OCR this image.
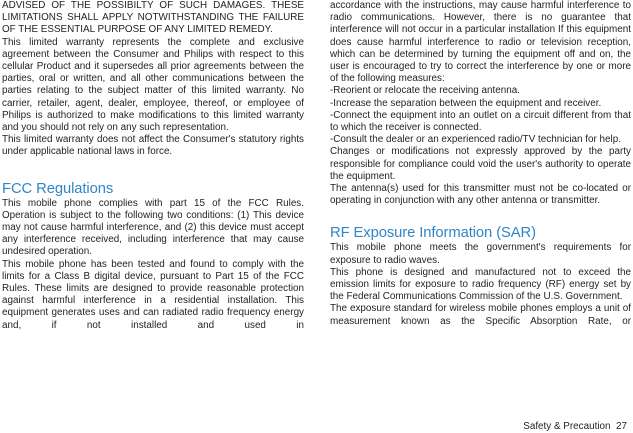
ADVISED OF THE POSSIBILTY OF SUCH DAMAGES. THESE LIMITATIONS SHALL APPLY NOTWITHSTANDING THE FAILURE OF THE ESSENTIAL PURPOSE OF ANY LIMITED REMEDY.

This limited warranty represents the complete and exclusive agreement between the Consumer and Philips with respect to this cellular Product and it supersedes all prior agreements between the parties, oral or written, and all other communications between the parties relating to the subject matter of this limited warranty. No carrier, retailer, agent, dealer, employee, thereof, or employee of Philips is authorized to make modifications to this limited warranty and you should not rely on any such representation.

This limited warranty does not affect the Consumer's statutory rights under applicable national laws in force.

FCC Regulations

This mobile phone complies with part 15 of the FCC Rules. Operation is subject to the following two conditions: (1) This device may not cause harmful interference, and (2) this device must accept any interference received, including interference that may cause undesired operation.

This mobile phone has been tested and found to comply with the limits for a Class B digital device, pursuant to Part 15 of the FCC Rules. These limits are designed to provide reasonable protection against harmful interference in a residential installation. This equipment generates uses and can radiated radio frequency energy and, if not installed and used in

accordance with the instructions, may cause harmful interference to radio communications. However, there is no guarantee that interference will not occur in a particular installation If this equipment does cause harmful interference to radio or television reception, which can be determined by turning the equipment off and on, the user is encouraged to try to correct the interference by one or more of the following measures:

-Reorient or relocate the receiving antenna.

-Increase the separation between the equipment and receiver.

-Connect the equipment into an outlet on a circuit different from that to which the receiver is connected.

-Consult the dealer or an experienced radio/TV technician for help.

Changes or modifications not expressly approved by the party responsible for compliance could void the user's authority to operate the equipment.

The antenna(s) used for this transmitter must not be co-located or operating in conjunction with any other antenna or transmitter.

RF Exposure Information (SAR)

This mobile phone meets the government's requirements for exposure to radio waves.

This phone is designed and manufactured not to exceed the emission limits for exposure to radio frequency (RF) energy set by the Federal Communications Commission of the U.S. Government.

The exposure standard for wireless mobile phones employs a unit of measurement known as the Specific Absorption Rate, or

Safety & Precaution 27
